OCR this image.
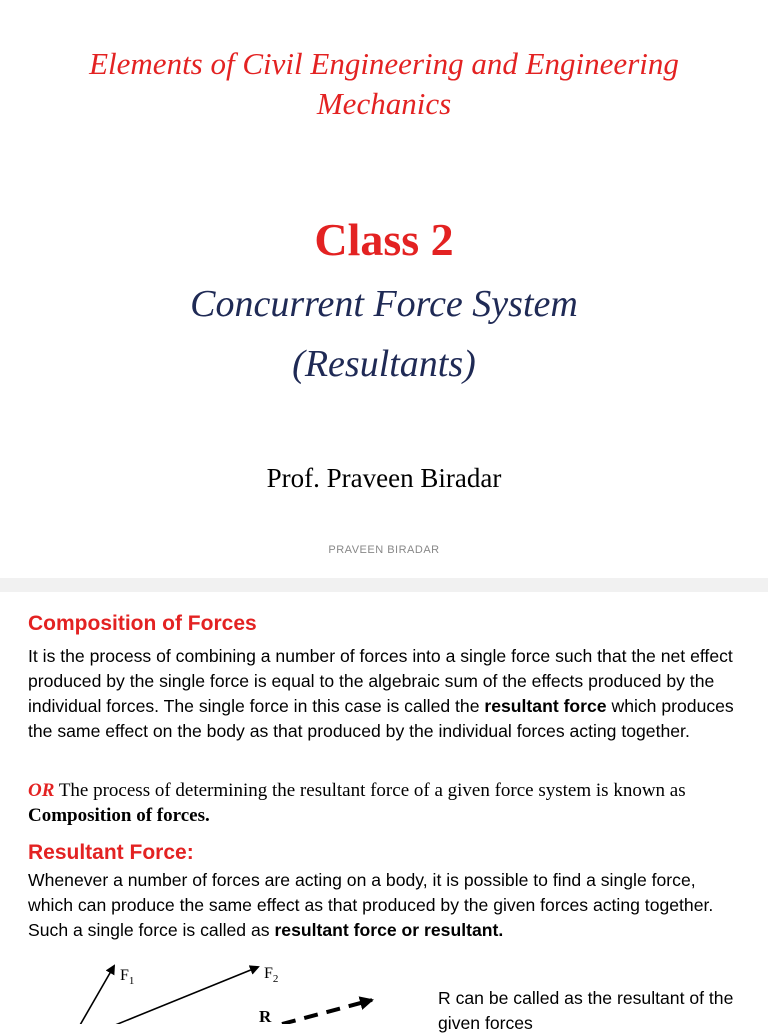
Elements of Civil Engineering and Engineering
Mechanics
Class 2
Concurrent Force System
(Resultants)
Prof. Praveen Biradar
PRAVEEN BIRADAR
Composition of Forces
It is the process of combining a number of forces into a single force such that the net effect produced by the single force is equal to the algebraic sum of the effects produced by the individual forces. The single force in this case is called the resultant force which produces the same effect on the body as that produced by the individual forces acting together.
OR The process of determining the resultant force of a given force system is known as Composition of forces.
Resultant Force:
Whenever a number of forces are acting on a body, it is possible to find a single force, which can produce the same effect as that produced by the given forces acting together. Such a single force is called as resultant force or resultant.
$F_1$	$F_2$
R
R can be called as the resultant of the given forces
